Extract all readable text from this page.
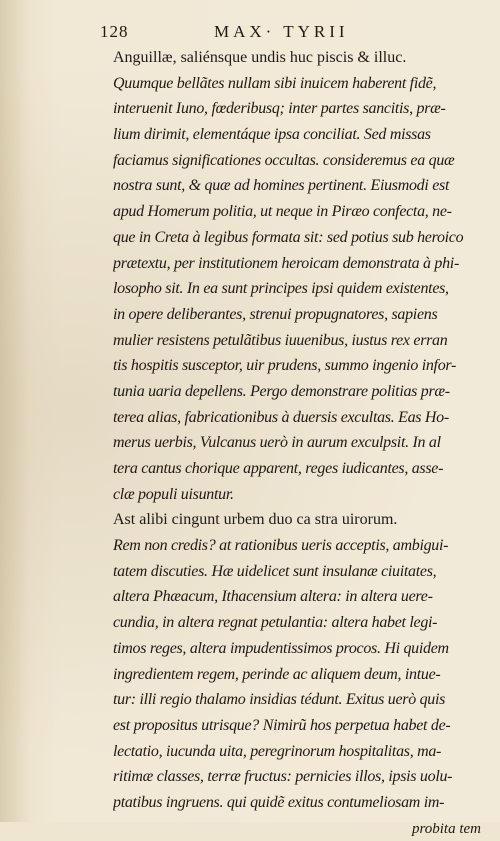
128	MAX· TYRII
Anguillæ, saliénsque undis huc piscis & illuc.
Quumque bellãtes nullam sibi inuicem haberent fidẽ,
interuenit Iuno, fœderibusq; inter partes sancitis, præ-
lium dirimit, elementáque ipsa conciliat. Sed missas
faciamus significationes occultas. consideremus ea quæ
nostra sunt, & quæ ad homines pertinent. Eiusmodi est
apud Homerum politia, ut neque in Piræo confecta, ne-
que in Creta à legibus formata sit: sed potius sub heroico
prætextu, per institutionem heroicam demonstrata à phi-
losopho sit. In ea sunt principes ipsi quidem existentes,
in opere deliberantes, strenui propugnatores, sapiens
mulier resistens petulãtibus iuuenibus, iustus rex erran
tis hospitis susceptor, uir prudens, summo ingenio infor-
tunia uaria depellens. Pergo demonstrare politias præ-
terea alias, fabricationibus à duersis excultas. Eas Ho-
merus uerbis, Vulcanus uerò in aurum exculpsit. In al
tera cantus chorique apparent, reges iudicantes, asse-
clæ populi uisuntur.
Ast alibi cingunt urbem duo ca stra uirorum.
Rem non credis? at rationibus ueris acceptis, ambigui-
tatem discuties. Hæ uidelicet sunt insulanæ ciuitates,
altera Phæacum, Ithacensium altera: in altera uere-
cundia, in altera regnat petulantia: altera habet legi-
timos reges, altera impudentissimos procos. Hi quidem
ingredientem regem, perinde ac aliquem deum, intue-
tur: illi regio thalamo insidias tédunt. Exitus uerò quis
est propositus utrisque? Nimirũ hos perpetua habet de-
lectatio, iucunda uita, peregrinorum hospitalitas, ma-
ritimæ classes, terræ fructus: pernicies illos, ipsis uolu-
ptatibus ingruens. qui quidẽ exitus contumeliosam im-
probita tem
